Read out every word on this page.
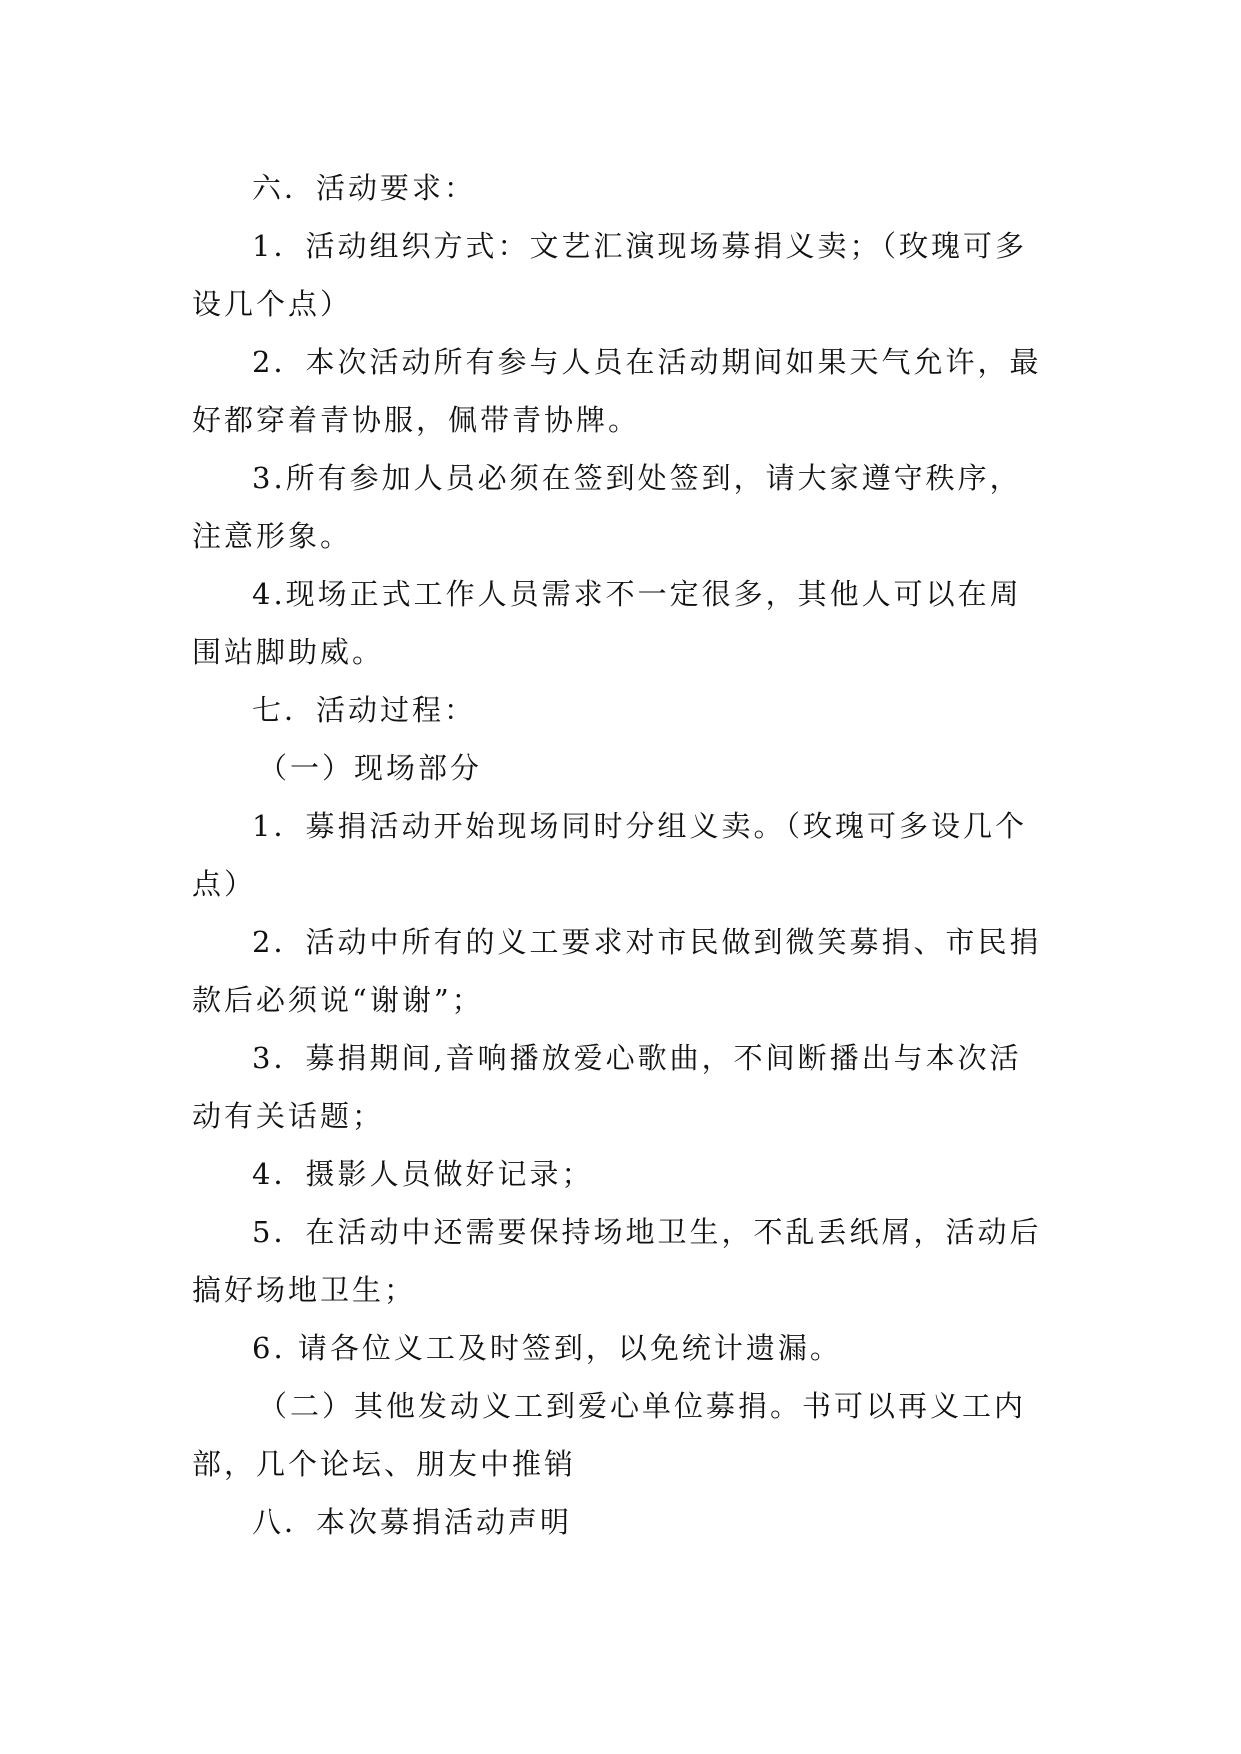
六．活动要求：

1．活动组织方式：文艺汇演现场募捐义卖；（玫瑰可多设几个点）

2．本次活动所有参与人员在活动期间如果天气允许，最好都穿着青协服，佩带青协牌。

3.所有参加人员必须在签到处签到，请大家遵守秩序，注意形象。

4.现场正式工作人员需求不一定很多，其他人可以在周围站脚助威。

七．活动过程：

（一）现场部分

1．募捐活动开始现场同时分组义卖。（玫瑰可多设几个点）

2．活动中所有的义工要求对市民做到微笑募捐、市民捐款后必须说“谢谢”；

3．募捐期间,音响播放爱心歌曲，不间断播出与本次活动有关话题；

4．摄影人员做好记录；

5．在活动中还需要保持场地卫生，不乱丢纸屑，活动后搞好场地卫生；

6. 请各位义工及时签到，以免统计遗漏。

（二）其他发动义工到爱心单位募捐。书可以再义工内部，几个论坛、朋友中推销

八．本次募捐活动声明
